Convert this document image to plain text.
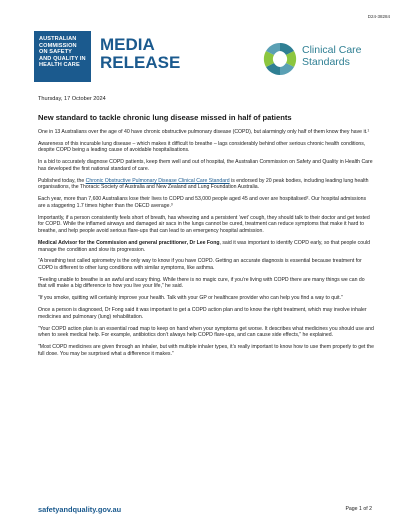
D24-38284
AUSTRALIAN
COMMISSION
ON SAFETY
AND QUALITY IN
HEALTH CARE
MEDIA
RELEASE
Clinical Care
Standards
Thursday, 17 October 2024
New standard to tackle chronic lung disease missed in half of patients

One in 13 Australians over the age of 40 have chronic obstructive pulmonary disease (COPD), but alarmingly only half of them know they have it.¹

Awareness of this incurable lung disease – which makes it difficult to breathe – lags considerably behind other serious chronic health conditions, despite COPD being a leading cause of avoidable hospitalisations.

In a bid to accurately diagnose COPD patients, keep them well and out of hospital, the Australian Commission on Safety and Quality in Health Care has developed the first national standard of care.

Published today, the Chronic Obstructive Pulmonary Disease Clinical Care Standard is endorsed by 20 peak bodies, including leading lung health organisations, the Thoracic Society of Australia and New Zealand and Lung Foundation Australia.

Each year, more than 7,600 Australians lose their lives to COPD and 53,000 people aged 45 and over are hospitalised². Our hospital admissions are a staggering 1.7 times higher than the OECD average.³

Importantly, if a person consistently feels short of breath, has wheezing and a persistent ‘wet’ cough, they should talk to their doctor and get tested for COPD. While the inflamed airways and damaged air sacs in the lungs cannot be cured, treatment can reduce symptoms that make it hard to breathe, and help people avoid serious flare-ups that can lead to an emergency hospital admission.

Medical Advisor for the Commission and general practitioner, Dr Lee Fong, said it was important to identify COPD early, so that people could manage the condition and slow its progression.

“A breathing test called spirometry is the only way to know if you have COPD. Getting an accurate diagnosis is essential because treatment for COPD is different to other lung conditions with similar symptoms, like asthma.

“Feeling unable to breathe is an awful and scary thing. While there is no magic cure, if you’re living with COPD there are many things we can do that will make a big difference to how you live your life,” he said.

“If you smoke, quitting will certainly improve your health. Talk with your GP or healthcare provider who can help you find a way to quit.”

Once a person is diagnosed, Dr Fong said it was important to get a COPD action plan and to know the right treatment, which may involve inhaler medicines and pulmonary (lung) rehabilitation.

“Your COPD action plan is an essential road map to keep on hand when your symptoms get worse. It describes what medicines you should use and when to seek medical help. For example, antibiotics don’t always help COPD flare-ups, and can cause side effects,” he explained.

“Most COPD medicines are given through an inhaler, but with multiple inhaler types, it’s really important to know how to use them properly to get the full dose. You may be surprised what a difference it makes.”

safetyandquality.gov.au	Page 1 of 2
